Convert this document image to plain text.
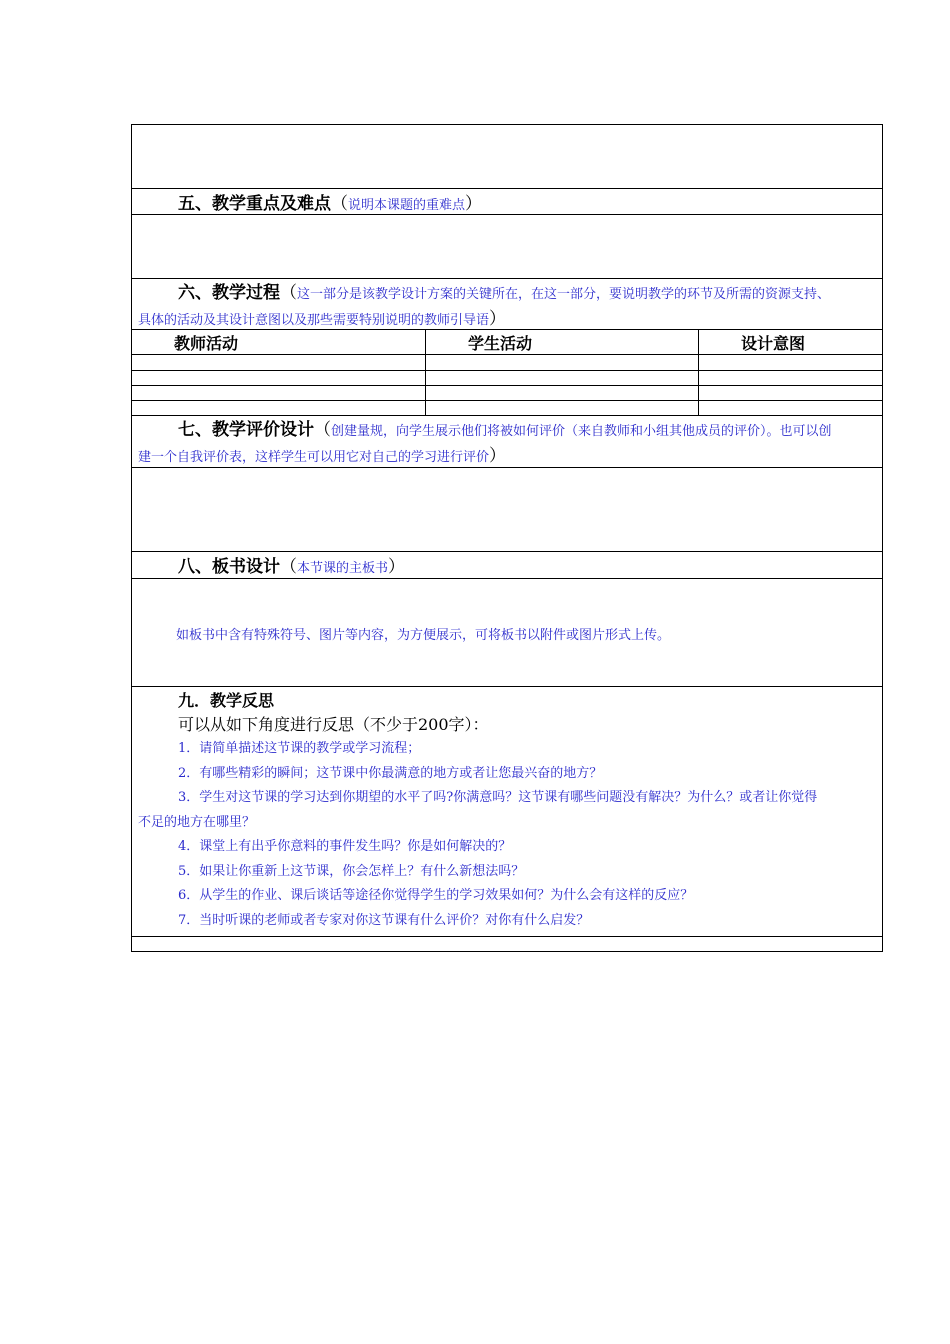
五、教学重点及难点（说明本课题的重难点）
六、教学过程（这一部分是该教学设计方案的关键所在，在这一部分，要说明教学的环节及所需的资源支持、
具体的活动及其设计意图以及那些需要特别说明的教师引导语）
教师活动	学生活动	设计意图
七、教学评价设计（创建量规，向学生展示他们将被如何评价（来自教师和小组其他成员的评价）。也可以创
建一个自我评价表，这样学生可以用它对自己的学习进行评价）
八、板书设计（本节课的主板书）
如板书中含有特殊符号、图片等内容，为方便展示，可将板书以附件或图片形式上传。
九．教学反思
可以从如下角度进行反思（不少于200字）：
1．请简单描述这节课的教学或学习流程；
2．有哪些精彩的瞬间；这节课中你最满意的地方或者让您最兴奋的地方？
3．学生对这节课的学习达到你期望的水平了吗?你满意吗？这节课有哪些问题没有解决？为什么？或者让你觉得
不足的地方在哪里？
4．课堂上有出乎你意料的事件发生吗？你是如何解决的？
5．如果让你重新上这节课，你会怎样上？有什么新想法吗？
6．从学生的作业、课后谈话等途径你觉得学生的学习效果如何？为什么会有这样的反应？
7．当时听课的老师或者专家对你这节课有什么评价？对你有什么启发？
